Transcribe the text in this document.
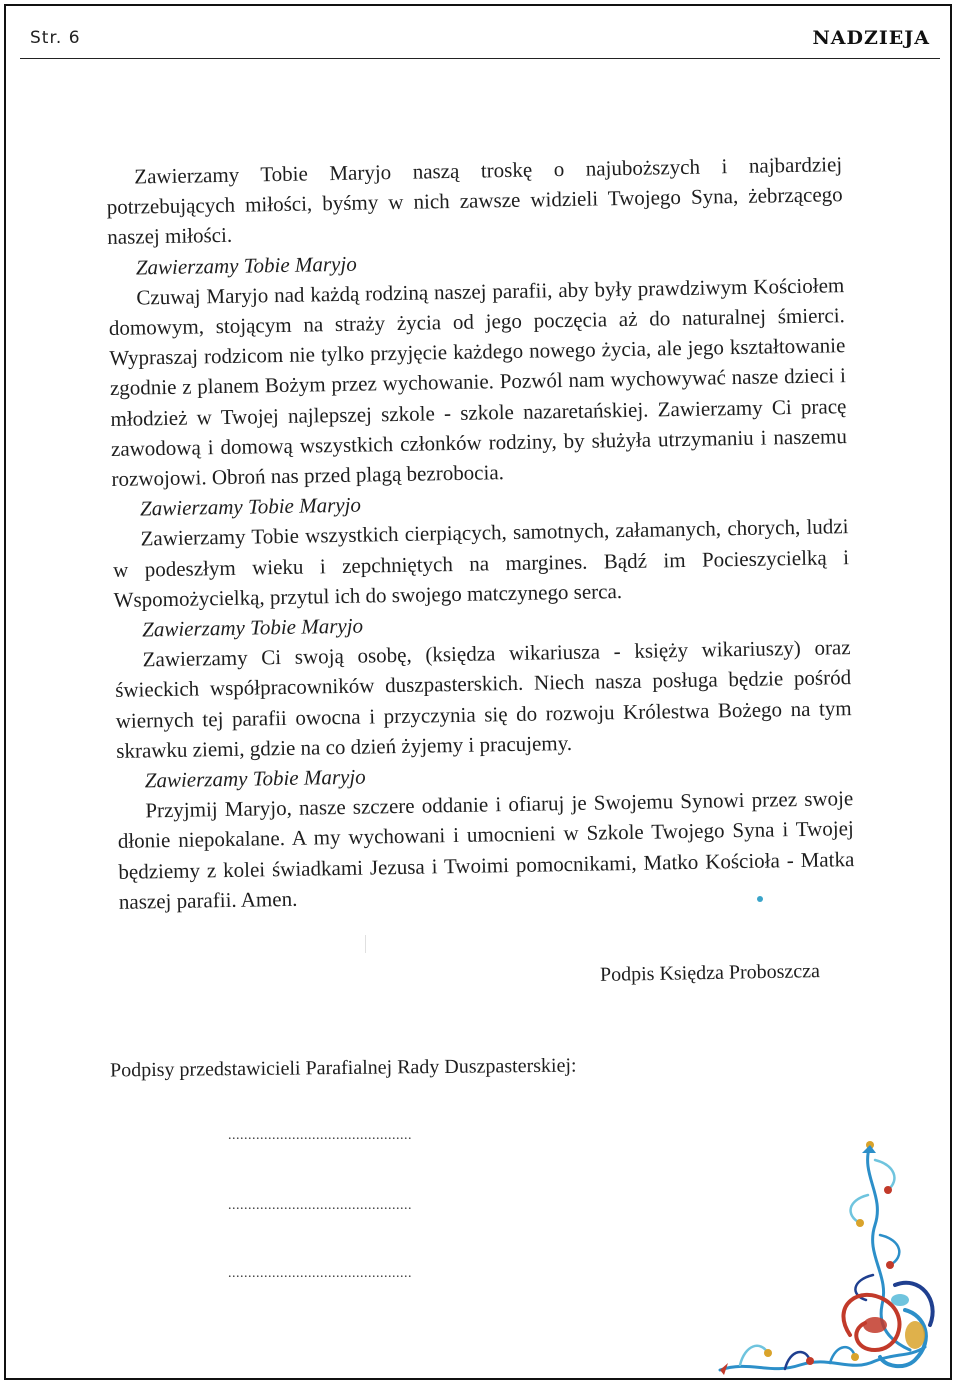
Str. 6	NADZIEJA

Zawierzamy Tobie Maryjo naszą troskę o najuboższych i najbardziej potrzebujących miłości, byśmy w nich zawsze widzieli Twojego Syna, żebrzącego naszej miłości.

Zawierzamy Tobie Maryjo

Czuwaj Maryjo nad każdą rodziną naszej parafii, aby były prawdziwym Kościołem domowym, stojącym na straży życia od jego poczęcia aż do naturalnej śmierci. Wypraszaj rodzicom nie tylko przyjęcie każdego nowego życia, ale jego kształtowanie zgodnie z planem Bożym przez wychowanie. Pozwól nam wychowywać nasze dzieci i młodzież w Twojej najlepszej szkole - szkole nazaretańskiej. Zawierzamy Ci pracę zawodową i domową wszystkich członków rodziny, by służyła utrzymaniu i naszemu rozwojowi. Obroń nas przed plagą bezrobocia.

Zawierzamy Tobie Maryjo

Zawierzamy Tobie wszystkich cierpiących, samotnych, załamanych, chorych, ludzi w podeszłym wieku i zepchniętych na margines. Bądź im Pocieszycielką i Wspomożycielką, przytul ich do swojego matczynego serca.

Zawierzamy Tobie Maryjo

Zawierzamy Ci swoją osobę, (księdza wikariusza - księży wikariuszy) oraz świeckich współpracowników duszpasterskich. Niech nasza posługa będzie pośród wiernych tej parafii owocna i przyczynia się do rozwoju Królestwa Bożego na tym skrawku ziemi, gdzie na co dzień żyjemy i pracujemy.

Zawierzamy Tobie Maryjo

Przyjmij Maryjo, nasze szczere oddanie i ofiaruj je Swojemu Synowi przez swoje dłonie niepokalane. A my wychowani i umocnieni w Szkole Twojego Syna i Twojej będziemy z kolei świadkami Jezusa i Twoimi pomocnikami, Matko Kościoła - Matka naszej parafii. Amen.

Podpis Księdza Proboszcza
Podpisy przedstawicieli Parafialnej Rady Duszpasterskiej:
..............................................
..............................................
..............................................
